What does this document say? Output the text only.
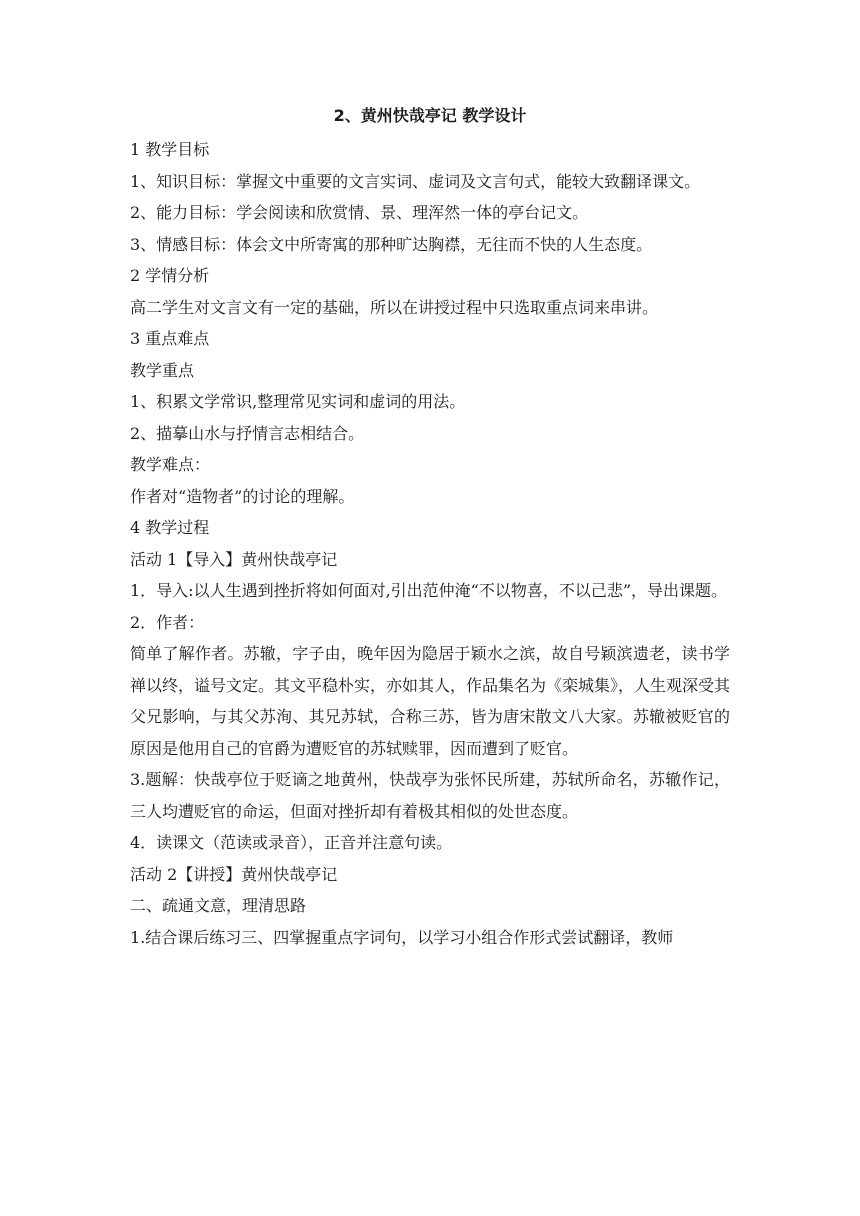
2、黄州快哉亭记 教学设计

1 教学目标

1、知识目标：掌握文中重要的文言实词、虚词及文言句式，能较大致翻译课文。

2、能力目标：学会阅读和欣赏情、景、理浑然一体的亭台记文。

3、情感目标：体会文中所寄寓的那种旷达胸襟，无往而不快的人生态度。

2 学情分析

高二学生对文言文有一定的基础，所以在讲授过程中只选取重点词来串讲。

3 重点难点

教学重点

1、积累文学常识,整理常见实词和虚词的用法。

2、描摹山水与抒情言志相结合。

教学难点：

作者对“造物者”的讨论的理解。

4 教学过程

活动 1【导入】黄州快哉亭记

1．导入:以人生遇到挫折将如何面对,引出范仲淹“不以物喜，不以己悲”，导出课题。

2．作者：

简单了解作者。苏辙，字子由，晚年因为隐居于颖水之滨，故自号颖滨遗老，读书学禅以终，谥号文定。其文平稳朴实，亦如其人，作品集名为《栾城集》，人生观深受其父兄影响，与其父苏洵、其兄苏轼，合称三苏，皆为唐宋散文八大家。苏辙被贬官的原因是他用自己的官爵为遭贬官的苏轼赎罪，因而遭到了贬官。

3.题解：快哉亭位于贬谪之地黄州，快哉亭为张怀民所建，苏轼所命名，苏辙作记，三人均遭贬官的命运，但面对挫折却有着极其相似的处世态度。

4．读课文（范读或录音），正音并注意句读。

活动 2【讲授】黄州快哉亭记

二、疏通文意，理清思路

1.结合课后练习三、四掌握重点字词句，以学习小组合作形式尝试翻译，教师
